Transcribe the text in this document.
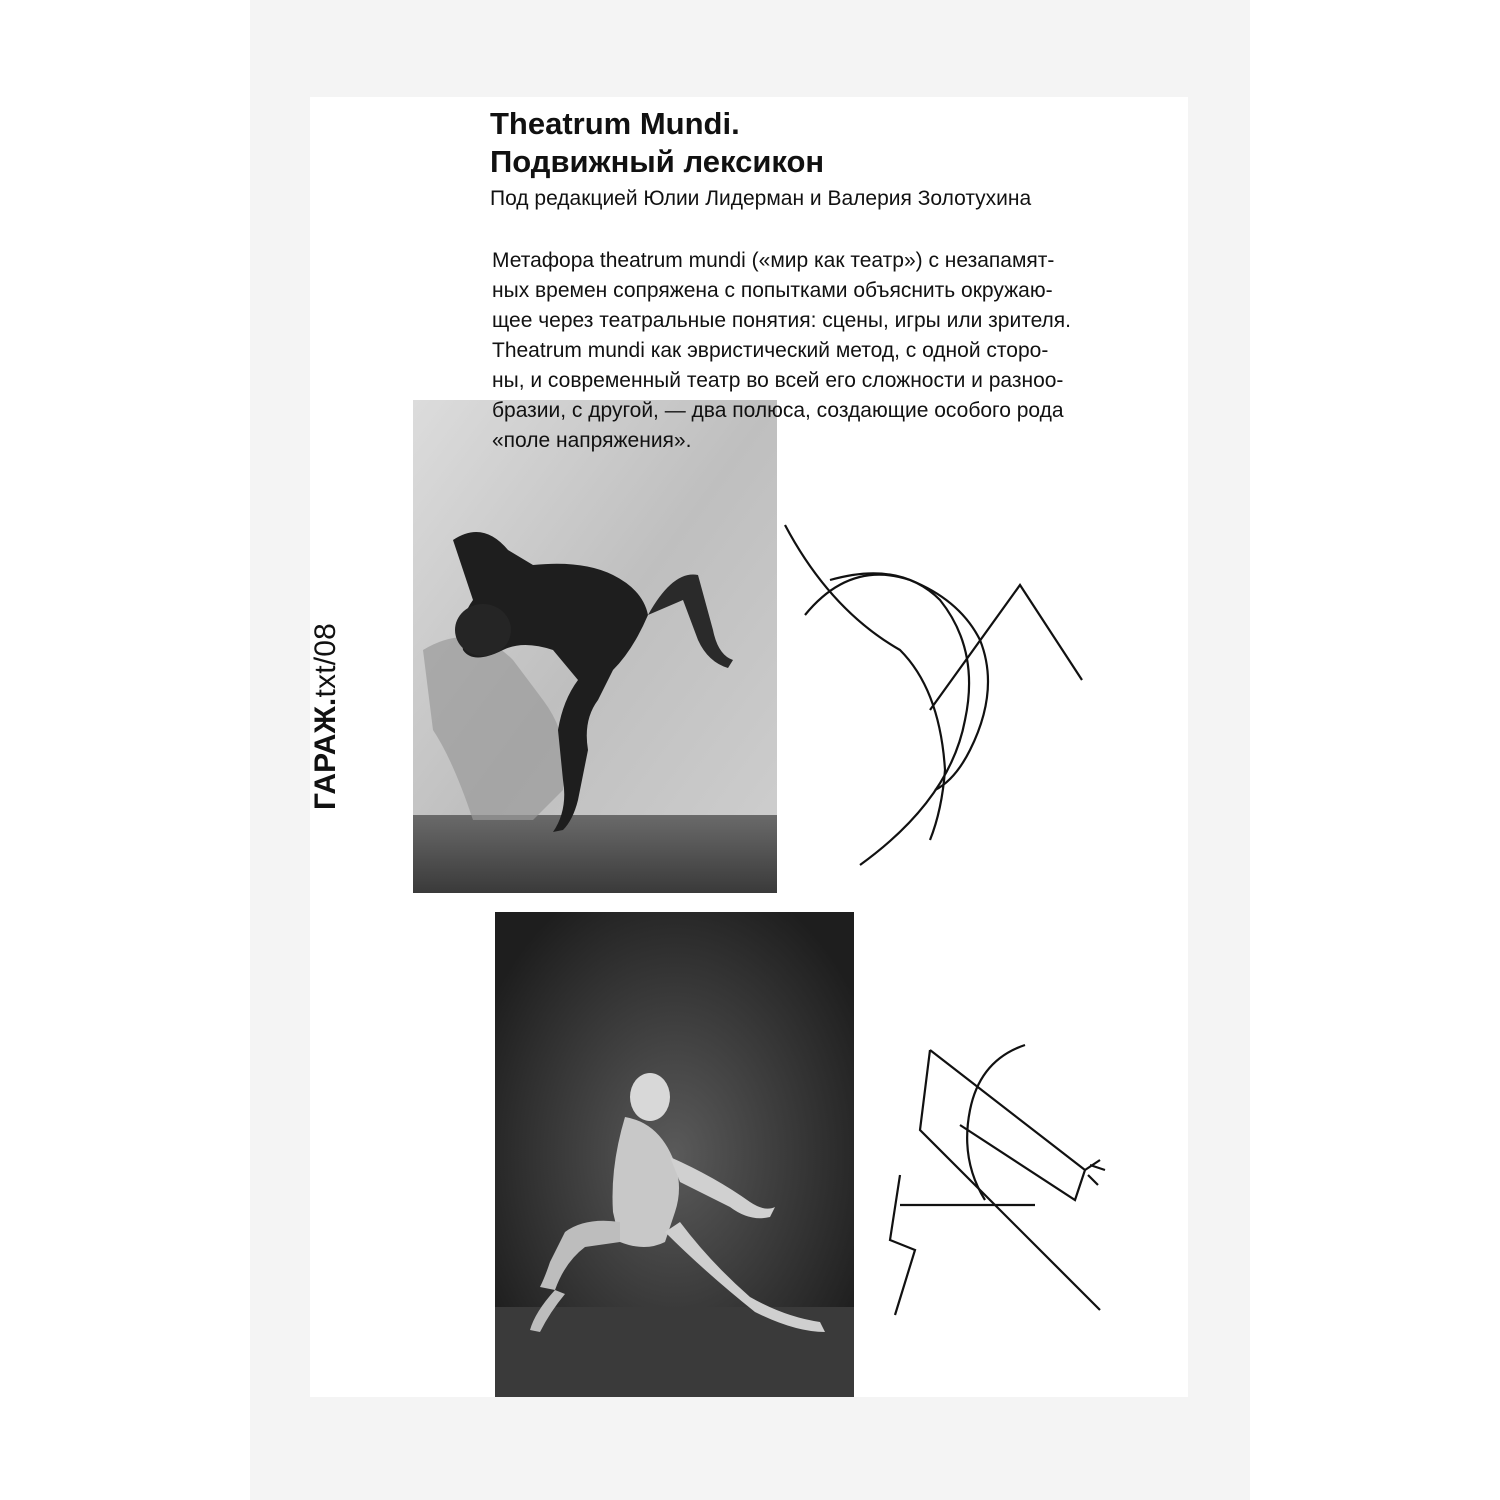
ГАРАЖ.txt/08
Theatrum Mundi.
Подвижный лексикон

Под редакцией Юлии Лидерман и Валерия Золотухина

Метафора theatrum mundi («мир как театр») с незапамят-
ных времен сопряжена с попытками объяснить окружаю-
щее через театральные понятия: сцены, игры или зрителя.
Theatrum mundi как эвристический метод, с одной сторо-
ны, и современный театр во всей его сложности и разноо-
бразии, с другой, — два полюса, создающие особого рода
«поле напряжения».
